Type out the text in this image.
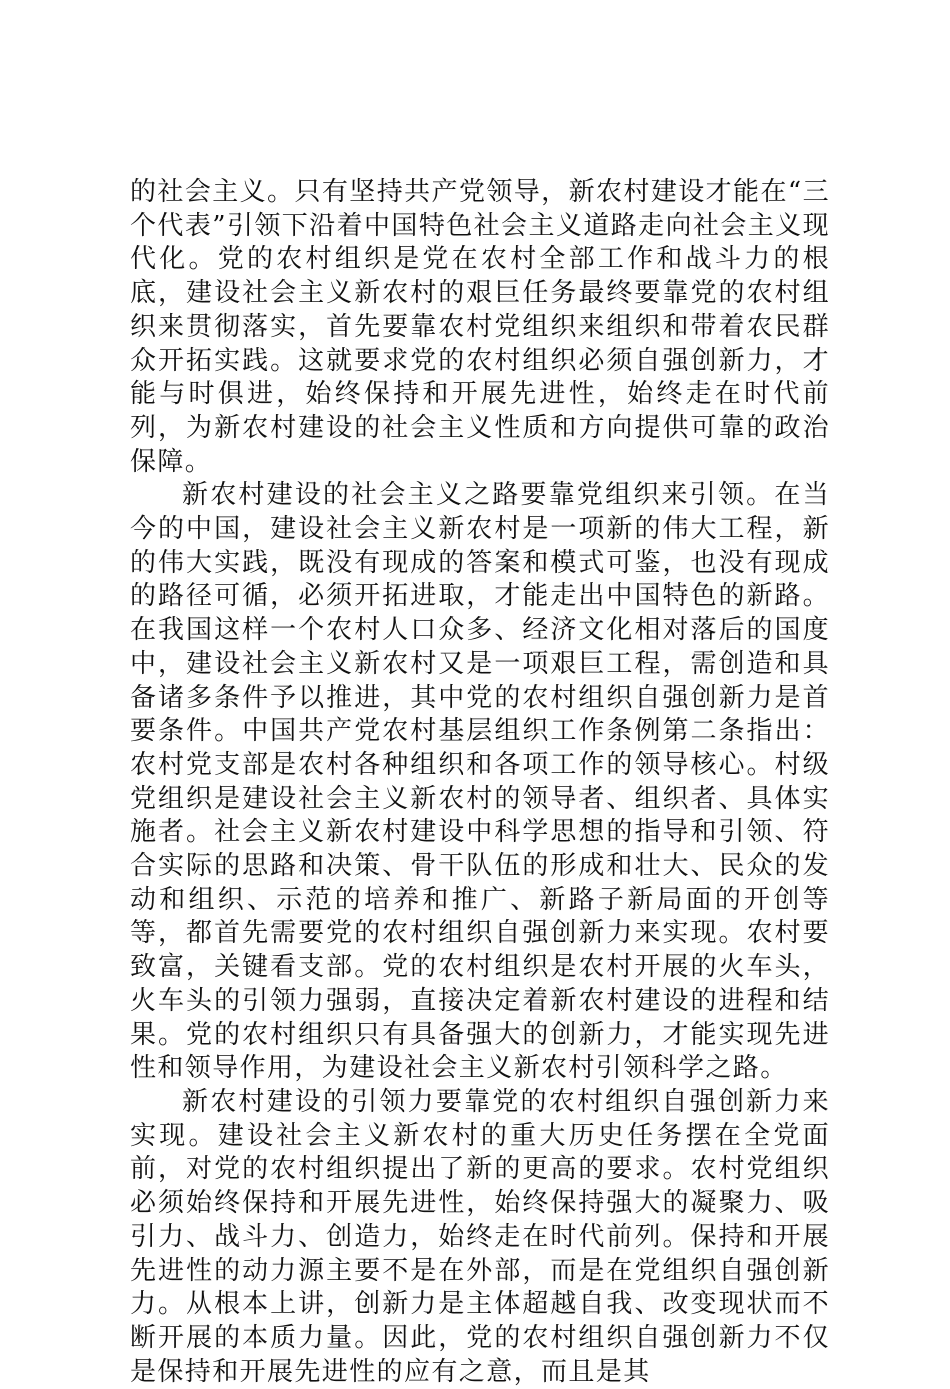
的社会主义。只有坚持共产党领导，新农村建设才能在“三个代表”引领下沿着中国特色社会主义道路走向社会主义现代化。党的农村组织是党在农村全部工作和战斗力的根底，建设社会主义新农村的艰巨任务最终要靠党的农村组织来贯彻落实，首先要靠农村党组织来组织和带着农民群众开拓实践。这就要求党的农村组织必须自强创新力，才能与时俱进，始终保持和开展先进性，始终走在时代前列，为新农村建设的社会主义性质和方向提供可靠的政治保障。

新农村建设的社会主义之路要靠党组织来引领。在当今的中国，建设社会主义新农村是一项新的伟大工程，新的伟大实践，既没有现成的答案和模式可鉴，也没有现成的路径可循，必须开拓进取，才能走出中国特色的新路。在我国这样一个农村人口众多、经济文化相对落后的国度中，建设社会主义新农村又是一项艰巨工程，需创造和具备诸多条件予以推进，其中党的农村组织自强创新力是首要条件。中国共产党农村基层组织工作条例第二条指出：农村党支部是农村各种组织和各项工作的领导核心。村级党组织是建设社会主义新农村的领导者、组织者、具体实施者。社会主义新农村建设中科学思想的指导和引领、符合实际的思路和决策、骨干队伍的形成和壮大、民众的发动和组织、示范的培养和推广、新路子新局面的开创等等，都首先需要党的农村组织自强创新力来实现。农村要致富，关键看支部。党的农村组织是农村开展的火车头，火车头的引领力强弱，直接决定着新农村建设的进程和结果。党的农村组织只有具备强大的创新力，才能实现先进性和领导作用，为建设社会主义新农村引领科学之路。

新农村建设的引领力要靠党的农村组织自强创新力来实现。建设社会主义新农村的重大历史任务摆在全党面前，对党的农村组织提出了新的更高的要求。农村党组织必须始终保持和开展先进性，始终保持强大的凝聚力、吸引力、战斗力、创造力，始终走在时代前列。保持和开展先进性的动力源主要不是在外部，而是在党组织自强创新力。从根本上讲，创新力是主体超越自我、改变现状而不断开展的本质力量。因此，党的农村组织自强创新力不仅是保持和开展先进性的应有之意，而且是其
